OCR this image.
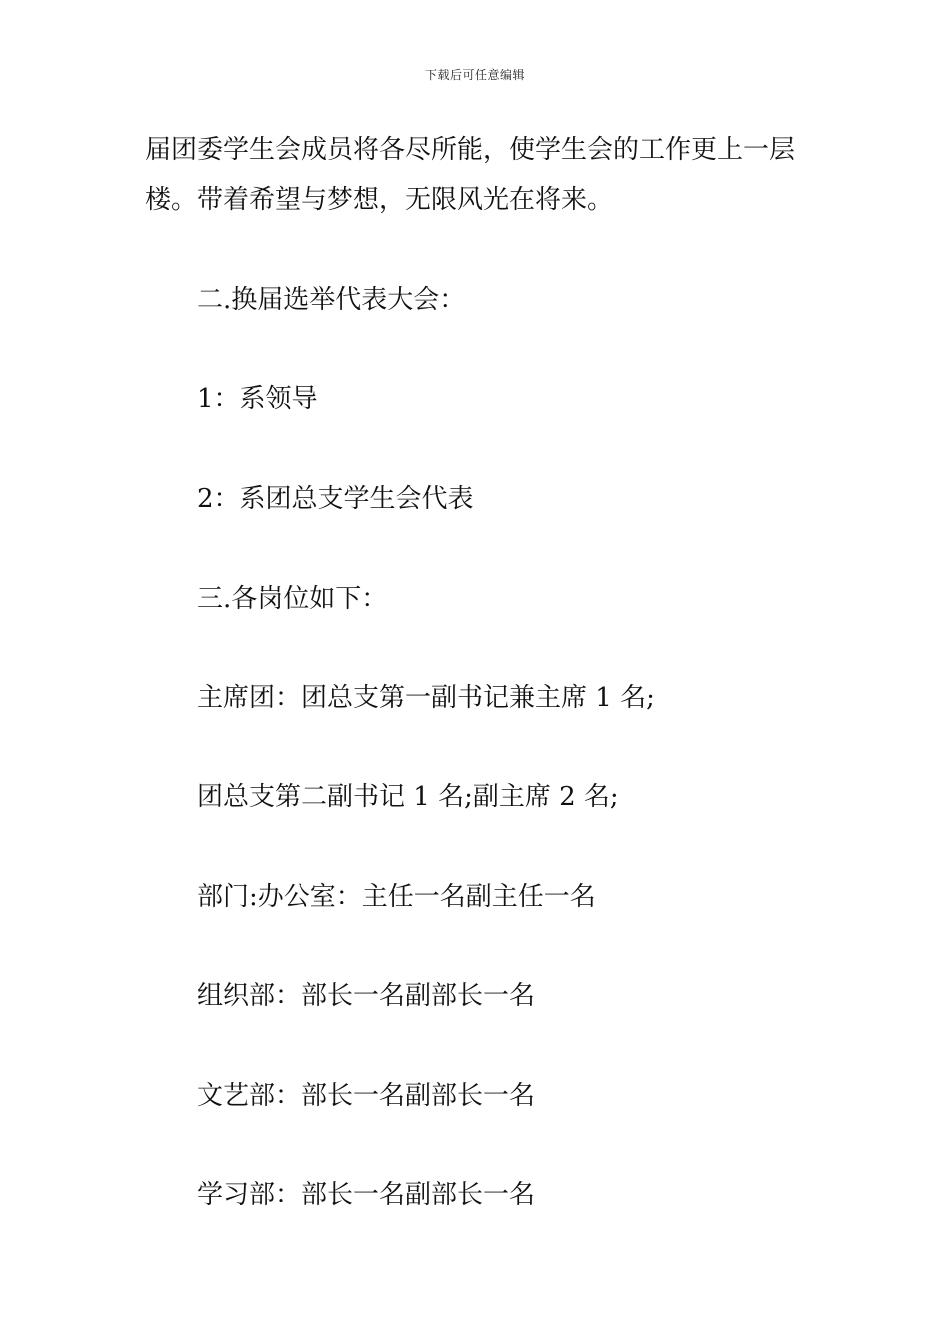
下载后可任意编辑
届团委学生会成员将各尽所能，使学生会的工作更上一层
楼。带着希望与梦想，无限风光在将来。
二.换届选举代表大会：
1：系领导
2：系团总支学生会代表
三.各岗位如下：
主席团：团总支第一副书记兼主席 1 名;
团总支第二副书记 1 名;副主席 2 名;
部门:办公室：主任一名副主任一名
组织部：部长一名副部长一名
文艺部：部长一名副部长一名
学习部：部长一名副部长一名
